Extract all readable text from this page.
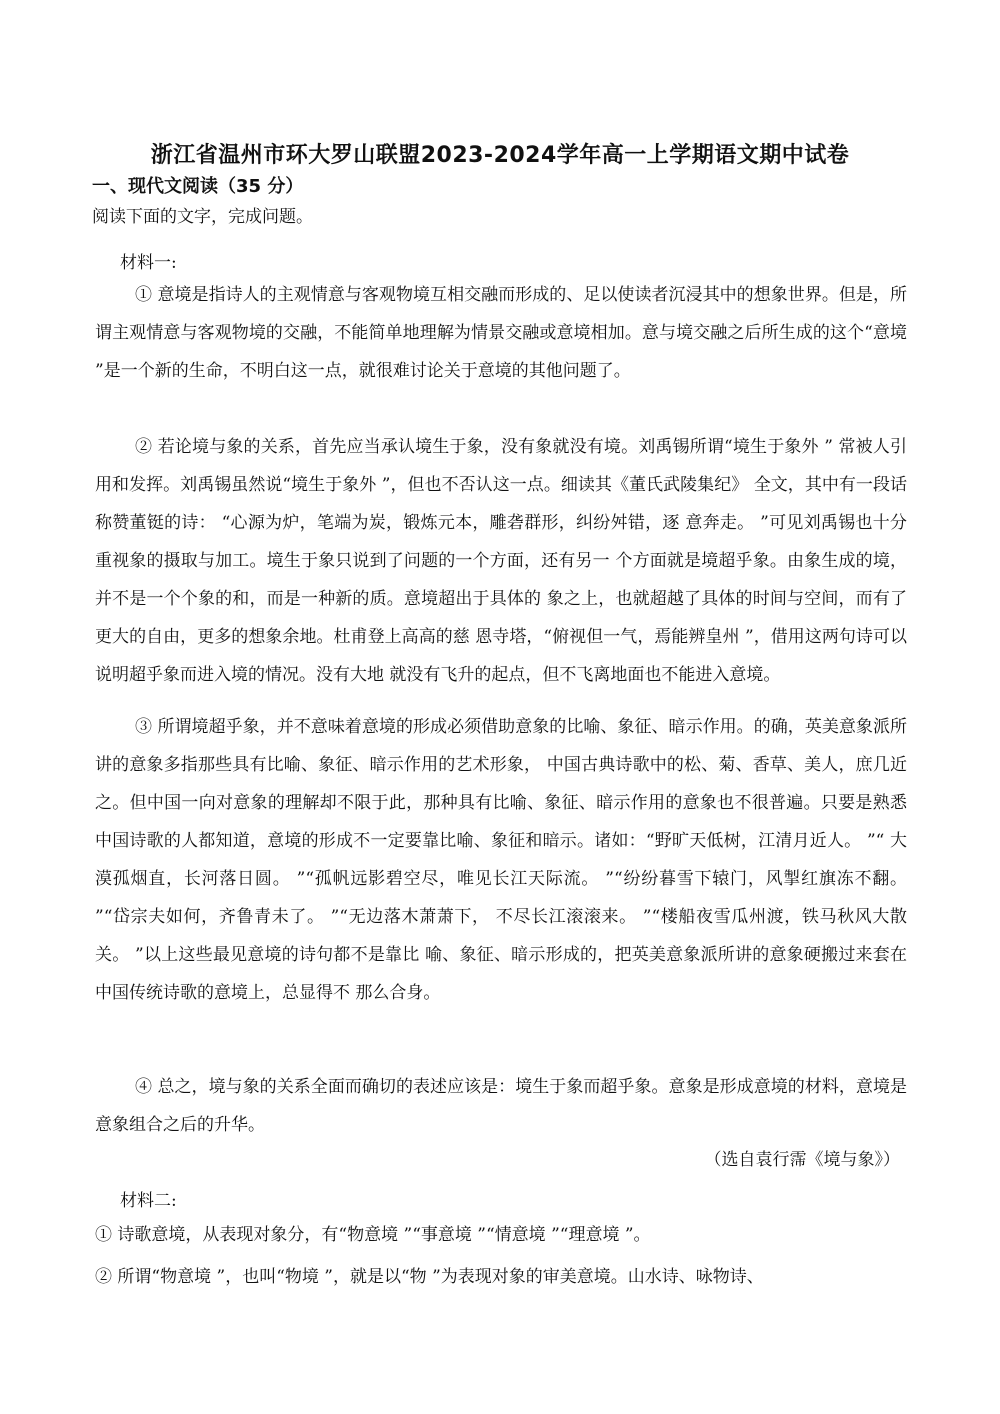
浙江省温州市环大罗山联盟2023-2024学年高一上学期语文期中试卷
一、现代文阅读（35 分）
阅读下面的文字，完成问题。
材料一:
① 意境是指诗人的主观情意与客观物境互相交融而形成的、足以使读者沉浸其中的想象世界。但是，所谓主观情意与客观物境的交融，不能简单地理解为情景交融或意境相加。意与境交融之后所生成的这个“意境 ”是一个新的生命，不明白这一点，就很难讨论关于意境的其他问题了。
② 若论境与象的关系，首先应当承认境生于象，没有象就没有境。刘禹锡所谓“境生于象外 ” 常被人引用和发挥。刘禹锡虽然说“境生于象外 ”，但也不否认这一点。细读其《董氏武陵集纪》 全文，其中有一段话称赞董铤的诗： “心源为炉，笔端为炭，锻炼元本，雕砻群形，纠纷舛错，逐 意奔走。 ”可见刘禹锡也十分重视象的摄取与加工。境生于象只说到了问题的一个方面，还有另一 个方面就是境超乎象。由象生成的境，并不是一个个象的和，而是一种新的质。意境超出于具体的 象之上，也就超越了具体的时间与空间，而有了更大的自由，更多的想象余地。杜甫登上高高的慈 恩寺塔，“俯视但一气，焉能辨皇州 ”，借用这两句诗可以说明超乎象而进入境的情况。没有大地 就没有飞升的起点，但不飞离地面也不能进入意境。
③ 所谓境超乎象，并不意味着意境的形成必须借助意象的比喻、象征、暗示作用。的确，英美意象派所讲的意象多指那些具有比喻、象征、暗示作用的艺术形象， 中国古典诗歌中的松、菊、香草、美人，庶几近之。但中国一向对意象的理解却不限于此，那种具有比喻、象征、暗示作用的意象也不很普遍。只要是熟悉中国诗歌的人都知道，意境的形成不一定要靠比喻、象征和暗示。诸如：“野旷天低树，江清月近人。 ”“ 大漠孤烟直，长河落日圆。 ”“孤帆远影碧空尽，唯见长江天际流。 ”“纷纷暮雪下辕门，风掣红旗冻不翻。 ”“岱宗夫如何，齐鲁青未了。 ”“无边落木萧萧下， 不尽长江滚滚来。 ”“楼船夜雪瓜州渡，铁马秋风大散关。 ”以上这些最见意境的诗句都不是靠比 喻、象征、暗示形成的，把英美意象派所讲的意象硬搬过来套在中国传统诗歌的意境上，总显得不 那么合身。
④ 总之，境与象的关系全面而确切的表述应该是：境生于象而超乎象。意象是形成意境的材料，意境是意象组合之后的升华。
（选自袁行霈《境与象》）
材料二:
① 诗歌意境，从表现对象分，有“物意境 ”“事意境 ”“情意境 ”“理意境 ”。
② 所谓“物意境 ”，也叫“物境 ”，就是以“物 ”为表现对象的审美意境。山水诗、咏物诗、
